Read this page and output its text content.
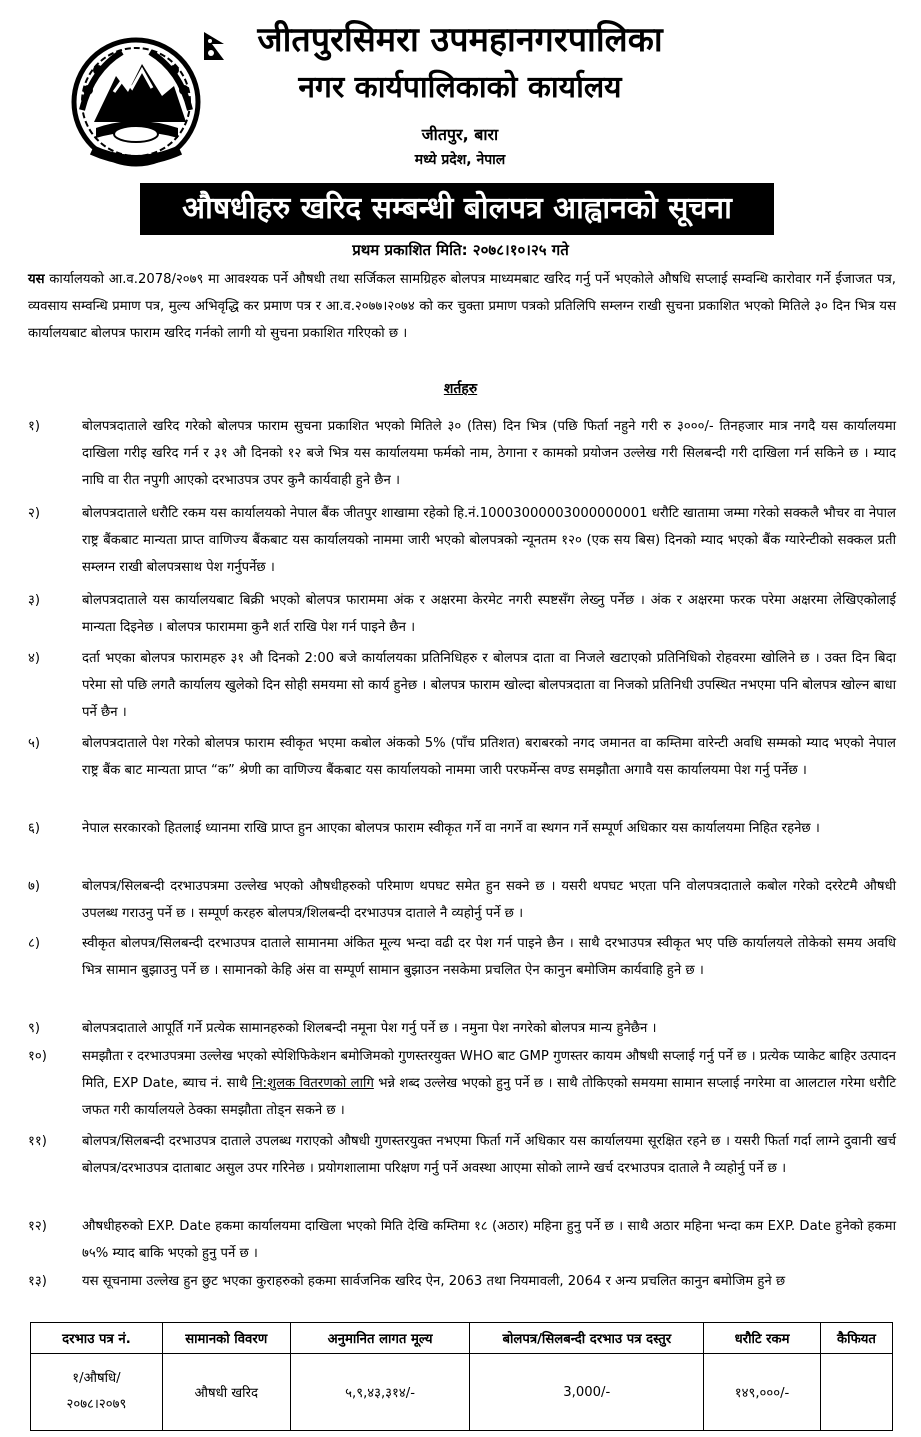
जीतपुरसिमरा उपमहानगरपालिका
नगर कार्यपालिकाको कार्यालय
जीतपुर, बारा
मध्ये प्रदेश, नेपाल
औषधीहरु खरिद सम्बन्धी बोलपत्र आह्वानको सूचना
प्रथम प्रकाशित मिति: २०७८।१०।२५ गते
यस कार्यालयको आ.व.2078/२०७९ मा आवश्यक पर्ने औषधी तथा सर्जिकल सामग्रिहरु बोलपत्र माध्यमबाट खरिद गर्नु पर्ने भएकोले औषधि सप्लाई सम्वन्धि कारोवार गर्ने ईजाजत पत्र, व्यवसाय सम्वन्धि प्रमाण पत्र, मुल्य अभिवृद्धि कर प्रमाण पत्र र आ.व.२०७७।२०७४ को कर चुक्ता प्रमाण पत्रको प्रतिलिपि सम्लग्न राखी सुचना प्रकाशित भएको मितिले ३० दिन भित्र यस कार्यालयबाट बोलपत्र फाराम खरिद गर्नको लागी यो सुचना प्रकाशित गरिएको छ ।
शर्तहरु
१)	बोलपत्रदाताले खरिद गरेको बोलपत्र फाराम सुचना प्रकाशित भएको मितिले ३० (तिस) दिन भित्र (पछि फिर्ता नहुने गरी रु ३०००/- तिनहजार मात्र नगदै यस कार्यालयमा दाखिला गरीइ खरिद गर्न र ३१ औ दिनको १२ बजे भित्र यस कार्यालयमा फर्मको नाम, ठेगाना र कामको प्रयोजन उल्लेख गरी सिलबन्दी गरी दाखिला गर्न सकिने छ । म्याद नाघि वा रीत नपुगी आएको दरभाउपत्र उपर कुनै कार्यवाही हुने छैन ।
२)	बोलपत्रदाताले धरौटि रकम यस कार्यालयको नेपाल बैंक जीतपुर शाखामा रहेको हि.नं.10003000003000000001 धरौटि खातामा जम्मा गरेको सक्कलै भौचर वा नेपाल राष्ट्र बैंकबाट मान्यता प्राप्त वाणिज्य बैंकबाट यस कार्यालयको नाममा जारी भएको बोलपत्रको न्यूनतम १२० (एक सय बिस) दिनको म्याद भएको बैंक ग्यारेन्टीको सक्कल प्रती सम्लग्न राखी बोलपत्रसाथ पेश गर्नुपर्नेछ ।
३)	बोलपत्रदाताले यस कार्यालयबाट बिक्री भएको बोलपत्र फाराममा अंक र अक्षरमा केरमेट नगरी स्पष्टसँग लेख्नु पर्नेछ । अंक र अक्षरमा फरक परेमा अक्षरमा लेखिएकोलाई मान्यता दिइनेछ । बोलपत्र फाराममा कुनै शर्त राखि पेश गर्न पाइने छैन ।
४)	दर्ता भएका बोलपत्र फारामहरु ३१ औ दिनको 2:00 बजे कार्यालयका प्रतिनिधिहरु र बोलपत्र दाता वा निजले खटाएको प्रतिनिधिको रोहवरमा खोलिने छ । उक्त दिन बिदा परेमा सो पछि लगतै कार्यालय खुलेको दिन सोही समयमा सो कार्य हुनेछ । बोलपत्र फाराम खोल्दा बोलपत्रदाता वा निजको प्रतिनिधी उपस्थित नभएमा पनि बोलपत्र खोल्न बाधा पर्ने छैन ।
५)	बोलपत्रदाताले पेश गरेको बोलपत्र फाराम स्वीकृत भएमा कबोल अंकको 5% (पाँच प्रतिशत) बराबरको नगद जमानत वा कम्तिमा वारेन्टी अवधि सम्मको म्याद भएको नेपाल राष्ट्र बैंक बाट मान्यता प्राप्त “क” श्रेणी का वाणिज्य बैंकबाट यस कार्यालयको नाममा जारी परफर्मेन्स वण्ड समझौता अगावै यस कार्यालयमा पेश गर्नु पर्नेछ ।
६)	नेपाल सरकारको हितलाई ध्यानमा राखि प्राप्त हुन आएका बोलपत्र फाराम स्वीकृत गर्ने वा नगर्ने वा स्थगन गर्ने सम्पूर्ण अधिकार यस कार्यालयमा निहित रहनेछ ।
७)	बोलपत्र/सिलबन्दी दरभाउपत्रमा उल्लेख भएको औषधीहरुको परिमाण थपघट समेत हुन सक्ने छ । यसरी थपघट भएता पनि वोलपत्रदाताले कबोल गरेको दररेटमै औषधी उपलब्ध गराउनु पर्ने छ । सम्पूर्ण करहरु बोलपत्र/शिलबन्दी दरभाउपत्र दाताले नै व्यहोर्नु पर्ने छ ।
८)	स्वीकृत बोलपत्र/सिलबन्दी दरभाउपत्र दाताले सामानमा अंकित मूल्य भन्दा वढी दर पेश गर्न पाइने छैन । साथै दरभाउपत्र स्वीकृत भए पछि कार्यालयले तोकेको समय अवधि भित्र सामान बुझाउनु पर्ने छ । सामानको केहि अंस वा सम्पूर्ण सामान बुझाउन नसकेमा प्रचलित ऐन कानुन बमोजिम कार्यवाहि हुने छ ।
९)	बोलपत्रदाताले आपूर्ति गर्ने प्रत्येक सामानहरुको शिलबन्दी नमूना पेश गर्नु पर्ने छ । नमुना पेश नगरेको बोलपत्र मान्य हुनेछैन ।
१०)	समझौता र दरभाउपत्रमा उल्लेख भएको स्पेशिफिकेशन बमोजिमको गुणस्तरयुक्त WHO बाट GMP गुणस्तर कायम औषधी सप्लाई गर्नु पर्ने छ । प्रत्येक प्याकेट बाहिर उत्पादन मिति, EXP Date, ब्याच नं. साथै नि:शुलक वितरणको लागि भन्ने शब्द उल्लेख भएको हुनु पर्ने छ । साथै तोकिएको समयमा सामान सप्लाई नगरेमा वा आलटाल गरेमा धरौटि जफत गरी कार्यालयले ठेक्का समझौता तोड्न सकने छ ।
११)	बोलपत्र/सिलबन्दी दरभाउपत्र दाताले उपलब्ध गराएको औषधी गुणस्तरयुक्त नभएमा फिर्ता गर्ने अधिकार यस कार्यालयमा सूरक्षित रहने छ । यसरी फिर्ता गर्दा लाग्ने दुवानी खर्च बोलपत्र/दरभाउपत्र दाताबाट असुल उपर गरिनेछ । प्रयोगशालामा परिक्षण गर्नु पर्ने अवस्था आएमा सोको लाग्ने खर्च दरभाउपत्र दाताले नै व्यहोर्नु पर्ने छ ।
१२)	औषधीहरुको EXP. Date हकमा कार्यालयमा दाखिला भएको मिति देखि कम्तिमा १८ (अठार) महिना हुनु पर्ने छ । साथै अठार महिना भन्दा कम EXP. Date हुनेको हकमा ७५% म्याद बाकि भएको हुनु पर्ने छ ।
१३)	यस सूचनामा उल्लेख हुन छुट भएका कुराहरुको हकमा सार्वजनिक खरिद ऐन, 2063 तथा नियमावली, 2064 र अन्य प्रचलित कानुन बमोजिम हुने छ
दरभाउ पत्र नं.	सामानको विवरण	अनुमानित लागत मूल्य	बोलपत्र/सिलबन्दी दरभाउ पत्र दस्तुर	धरौटि रकम	कैफियत
१/औषधि/
२०७८।२०७९	औषधी खरिद	५,९,४३,३१४/-	3,000/-	१४९,०००/-	
